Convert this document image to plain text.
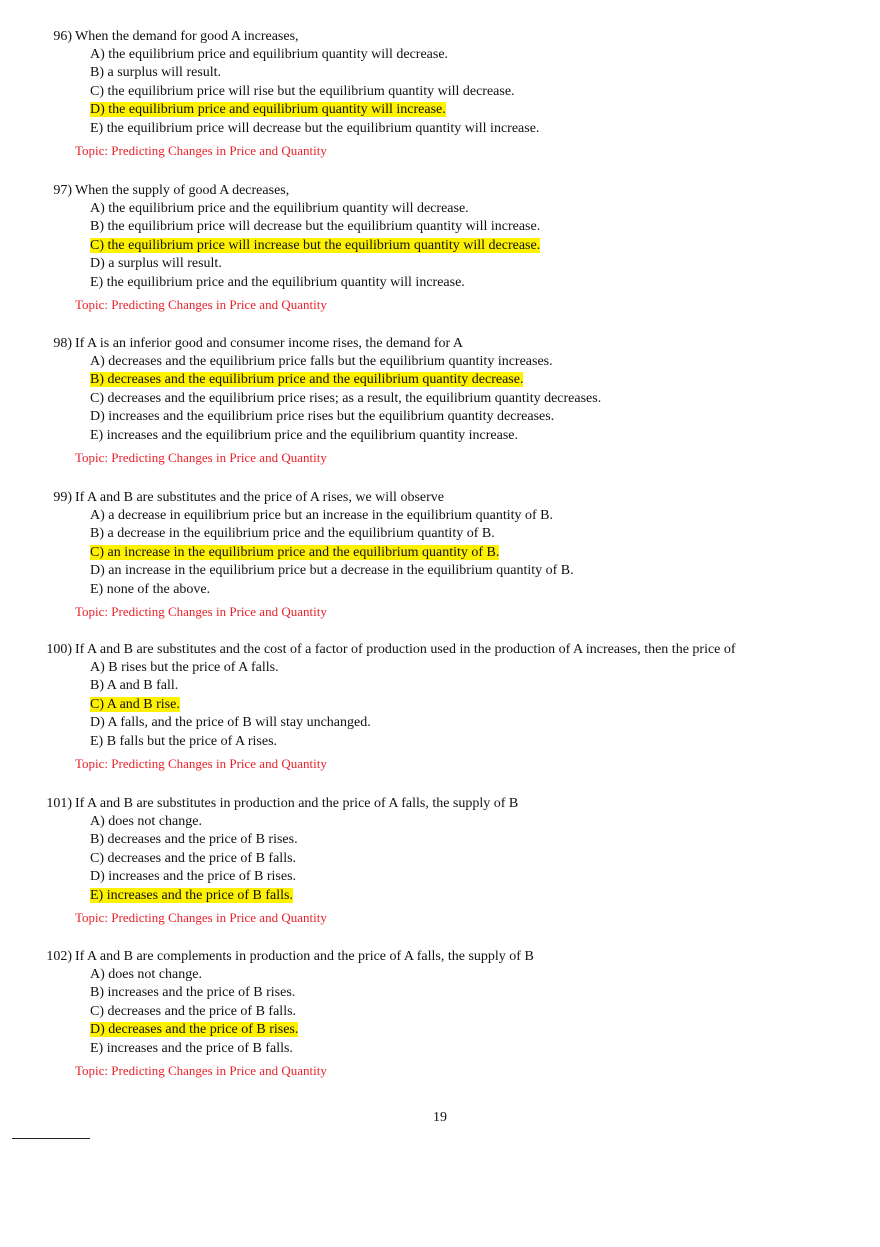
96) When the demand for good A increases,
A) the equilibrium price and equilibrium quantity will decrease.
B) a surplus will result.
C) the equilibrium price will rise but the equilibrium quantity will decrease.
D) the equilibrium price and equilibrium quantity will increase.
E) the equilibrium price will decrease but the equilibrium quantity will increase.
Topic: Predicting Changes in Price and Quantity
97) When the supply of good A decreases,
A) the equilibrium price and the equilibrium quantity will decrease.
B) the equilibrium price will decrease but the equilibrium quantity will increase.
C) the equilibrium price will increase but the equilibrium quantity will decrease.
D) a surplus will result.
E) the equilibrium price and the equilibrium quantity will increase.
Topic: Predicting Changes in Price and Quantity
98) If A is an inferior good and consumer income rises, the demand for A
A) decreases and the equilibrium price falls but the equilibrium quantity increases.
B) decreases and the equilibrium price and the equilibrium quantity decrease.
C) decreases and the equilibrium price rises; as a result, the equilibrium quantity decreases.
D) increases and the equilibrium price rises but the equilibrium quantity decreases.
E) increases and the equilibrium price and the equilibrium quantity increase.
Topic: Predicting Changes in Price and Quantity
99) If A and B are substitutes and the price of A rises, we will observe
A) a decrease in equilibrium price but an increase in the equilibrium quantity of B.
B) a decrease in the equilibrium price and the equilibrium quantity of B.
C) an increase in the equilibrium price and the equilibrium quantity of B.
D) an increase in the equilibrium price but a decrease in the equilibrium quantity of B.
E) none of the above.
Topic: Predicting Changes in Price and Quantity
100) If A and B are substitutes and the cost of a factor of production used in the production of A increases, then the price of
A) B rises but the price of A falls.
B) A and B fall.
C) A and B rise.
D) A falls, and the price of B will stay unchanged.
E) B falls but the price of A rises.
Topic: Predicting Changes in Price and Quantity
101) If A and B are substitutes in production and the price of A falls, the supply of B
A) does not change.
B) decreases and the price of B rises.
C) decreases and the price of B falls.
D) increases and the price of B rises.
E) increases and the price of B falls.
Topic: Predicting Changes in Price and Quantity
102) If A and B are complements in production and the price of A falls, the supply of B
A) does not change.
B) increases and the price of B rises.
C) decreases and the price of B falls.
D) decreases and the price of B rises.
E) increases and the price of B falls.
Topic: Predicting Changes in Price and Quantity
19
